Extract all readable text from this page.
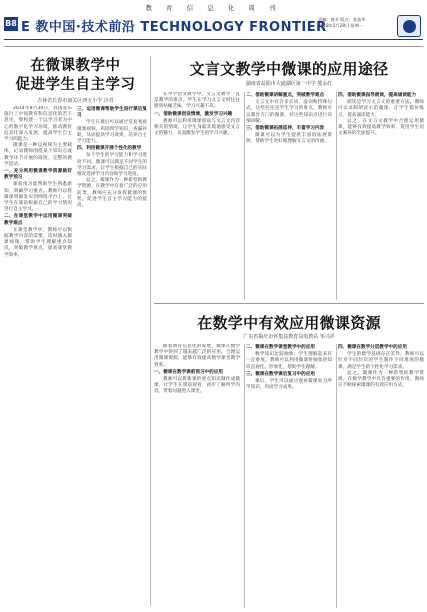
教 育 信 息 化 周 刊
B8 E 教中国·技术前沿 TECHNOLOGY FRONTIER
责编：鲁芳 版式：张劲华
2018年5月28日 星期一
在微课教学中
促进学生自主学习
吉林省长春市南关区西五小学 冷君

2014年9月30日，我国发布施行了中国教育和信息化的若干意见，要构建一个以学习者为中心的数字化学习环境，推动教育信息化深入发展，提高学生自主学习的能力。

微课是一种以视频为主要载体，记录教师围绕某个知识点或教学环节开展的简短、完整的教学活动。

一、充分利用微课教学资源做好教学预习

课前预习能帮助学生熟悉新知，明确学习重点。教师可以将微课资源发布到网络平台上，让学生在课前根据自己的学习情况进行自主学习。

二、在课堂教学中运用微课突破教学难点

在课堂教学中，教师可以根据教学内容的需要，适时插入微课视频，帮助学生理解重点知识，突破教学难点，提高课堂教学效率。

三、运用微课帮助学生进行课后复习

学生在课后可以通过反复观看微课视频，巩固所学知识，查漏补缺，从而提高学习效果，培养自主学习能力。

四、利用微课开展个性化的教学

每个学生的学习能力和学习进度不同，微课可以满足不同学生的学习需求，让学生根据自己的实际情况选择学习内容和学习进度。

总之，微课作为一种新型的教学资源，在教学中有着广泛的应用前景。教师应充分发挥微课的优势，促进学生自主学习能力的提高。

文言文教学中微课的应用途径
湖南省益阳市大通湖区第一中学 熊永红

在中学语文教学中，文言文教学一直是教学的难点。学生在学习文言文时往往感到枯燥乏味，学习兴趣不高。

一、借助微课创设情境，激发学习兴趣

教师可以利用微课创设与文言文内容相关的情境，让学生身临其境地感受文言文的魅力，从而激发学生的学习兴趣。

二、借助微课讲解重点，突破教学难点

文言文中有许多实词、虚词和特殊句式，这些往往是学生学习的难点。教师可以制作专门的微课，对这些知识点进行详细讲解。

三、借助微课拓展延伸，丰富学习内容

微课可以为学生提供丰富的拓展资源，帮助学生更好地理解文言文的内涵。

四、借助微课指导朗读，提高诵读能力

朗读是学习文言文的重要方法。教师可以录制朗读示范微课，让学生模仿练习，提高诵读能力。

总之，在文言文教学中合理运用微课，能够有效提高教学效率，促进学生语文素养的全面提升。

在数学中有效应用微课资源
广东省揭庆市怀集县教育局电教站 邹兴祥

随着教育信息化的发展，微课在数学教学中得到了越来越广泛的应用。合理运用微课资源，能够有效提高数学课堂教学效率。

一、微课在数学课前预习中的应用

教师可以将新课的重点知识制作成微课，让学生在课前观看，初步了解所学内容，带着问题进入课堂。

二、微课在数学课堂教学中的应用

数学知识比较抽象，学生理解起来有一定难度。教师可以利用微课将抽象的知识直观化、形象化，帮助学生理解。

三、微课在数学课后复习中的应用

课后，学生可以通过观看微课复习所学知识，巩固学习成果。

四、微课在数学分层教学中的应用

学生的数学基础存在差异，教师可以针对不同层次的学生制作不同难度的微课，满足学生的个性化学习需求。

总之，微课作为一种新型的教学资源，在数学教学中具有重要的作用，教师应不断探索微课的有效应用方式。
